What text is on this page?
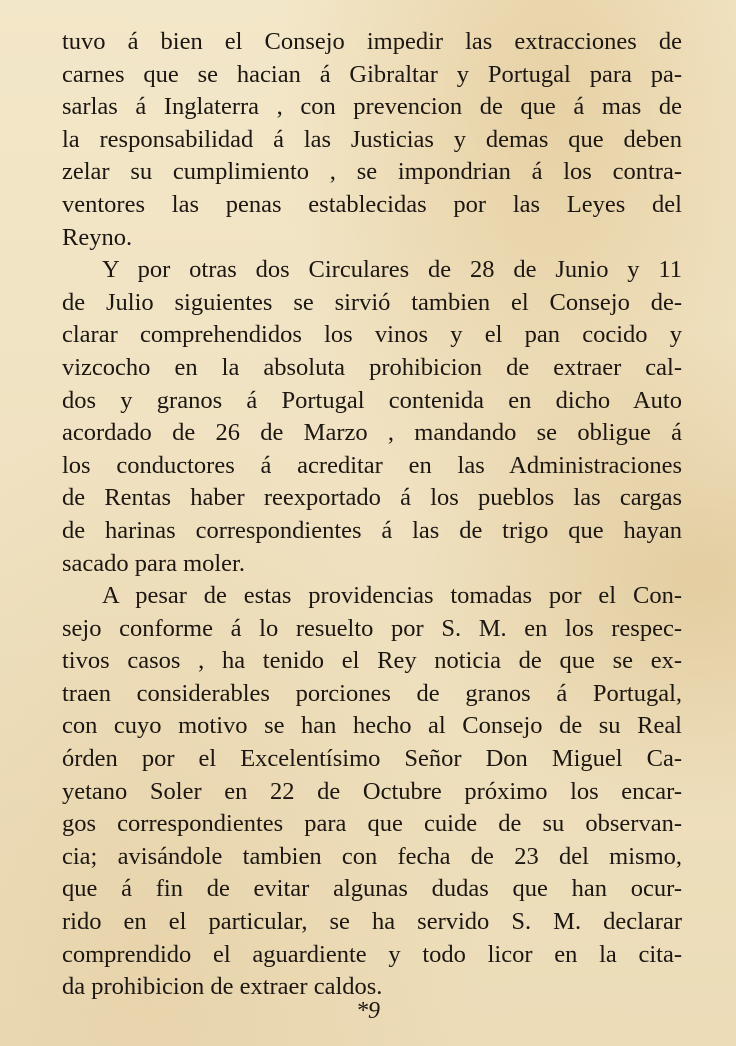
tuvo á bien el Consejo impedir las extracciones de
carnes que se hacian á Gibraltar y Portugal para pa-
sarlas á Inglaterra , con prevencion de que á mas de
la responsabilidad á las Justicias y demas que deben
zelar su cumplimiento , se impondrian á los contra-
ventores las penas establecidas por las Leyes del
Reyno.
Y por otras dos Circulares de 28 de Junio y 11
de Julio siguientes se sirvió tambien el Consejo de-
clarar comprehendidos los vinos y el pan cocido y
vizcocho en la absoluta prohibicion de extraer cal-
dos y granos á Portugal contenida en dicho Auto
acordado de 26 de Marzo , mandando se obligue á
los conductores á acreditar en las Administraciones
de Rentas haber reexportado á los pueblos las cargas
de harinas correspondientes á las de trigo que hayan
sacado para moler.
A pesar de estas providencias tomadas por el Con-
sejo conforme á lo resuelto por S. M. en los respec-
tivos casos , ha tenido el Rey noticia de que se ex-
traen considerables porciones de granos á Portugal,
con cuyo motivo se han hecho al Consejo de su Real
órden por el Excelentísimo Señor Don Miguel Ca-
yetano Soler en 22 de Octubre próximo los encar-
gos correspondientes para que cuide de su observan-
cia; avisándole tambien con fecha de 23 del mismo,
que á fin de evitar algunas dudas que han ocur-
rido en el particular, se ha servido S. M. declarar
comprendido el aguardiente y todo licor en la cita-
da prohibicion de extraer caldos.
*9
